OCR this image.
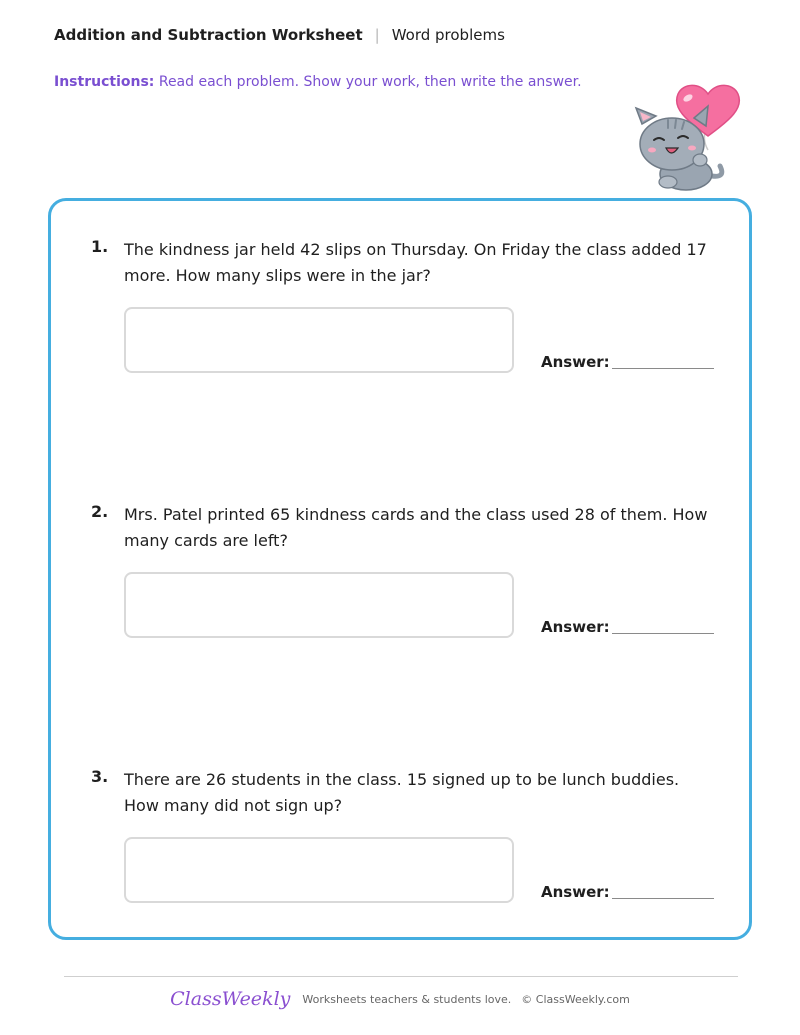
Addition and Subtraction Worksheet | Word problems
Instructions: Read each problem. Show your work, then write the answer.
1. The kindness jar held 42 slips on Thursday. On Friday the class added 17 more. How many slips were in the jar?
Answer:
2. Mrs. Patel printed 65 kindness cards and the class used 28 of them. How many cards are left?
Answer:
3. There are 26 students in the class. 15 signed up to be lunch buddies. How many did not sign up?
Answer:
ClassWeekly Worksheets teachers & students love. © ClassWeekly.com
